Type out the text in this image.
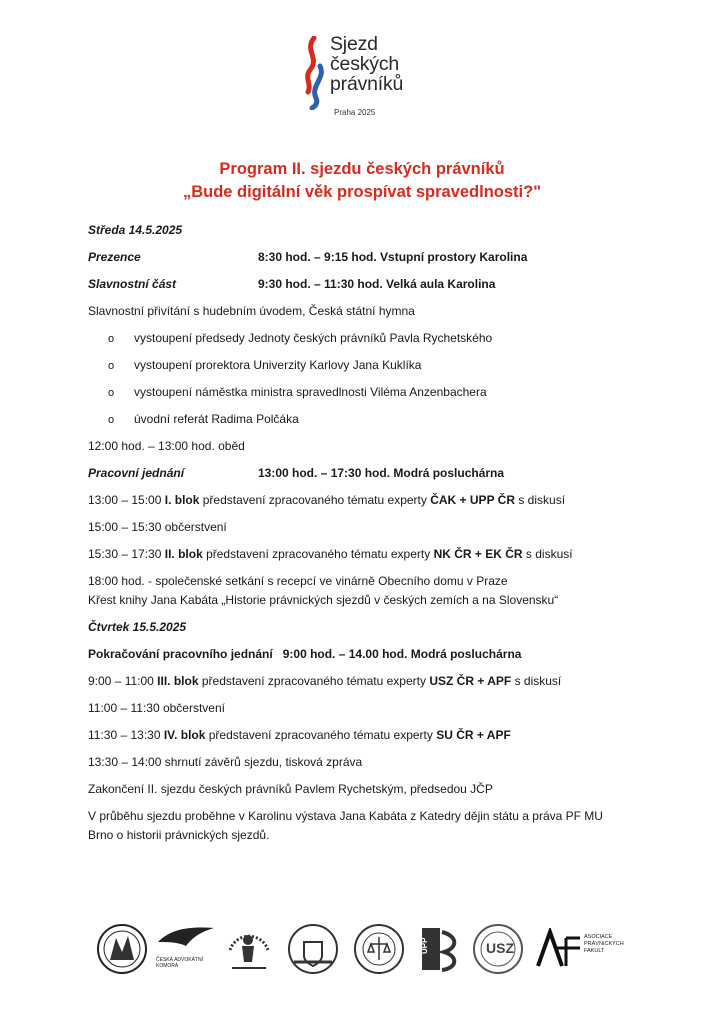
Sjezd
českých
právníků
Praha 2025
Program II. sjezdu českých právníků
„Bude digitální věk prospívat spravedlnosti?"
Středa 14.5.2025
Prezence	8:30 hod. – 9:15 hod. Vstupní prostory Karolina
Slavnostní část	9:30 hod. – 11:30 hod. Velká aula Karolina
Slavnostní přivítání s hudebním úvodem, Česká státní hymna
o vystoupení předsedy Jednoty českých právníků Pavla Rychetského
o vystoupení prorektora Univerzity Karlovy Jana Kuklíka
o vystoupení náměstka ministra spravedlnosti Viléma Anzenbachera
o úvodní referát Radima Polčáka
12:00 hod. – 13:00 hod. oběd
Pracovní jednání	13:00 hod. – 17:30 hod. Modrá posluchárna
13:00 – 15:00 I. blok představení zpracovaného tématu experty ČAK + UPP ČR s diskusí
15:00 – 15:30 občerstvení
15:30 – 17:30 II. blok představení zpracovaného tématu experty NK ČR + EK ČR s diskusí
18:00 hod. - společenské setkání s recepcí ve vinárně Obecního domu v Praze
Křest knihy Jana Kabáta „Historie právnických sjezdů v českých zemích a na Slovensku“
Čtvrtek 15.5.2025
Pokračování pracovního jednání   9:00 hod. – 14.00 hod. Modrá posluchárna
9:00 – 11:00 III. blok představení zpracovaného tématu experty USZ ČR + APF s diskusí
11:00 – 11:30 občerstvení
11:30 – 13:30 IV. blok představení zpracovaného tématu experty SU ČR + APF
13:30 – 14:00 shrnutí závěrů sjezdu, tisková zpráva
Zakončení II. sjezdu českých právníků Pavlem Rychetským, předsedou JČP
V průběhu sjezdu proběhne v Karolinu výstava Jana Kabáta z Katedry dějin státu a práva PF MU
Brno o historii právnických sjezdů.
ČESKÁ ADVOKÁTNÍ
KOMORA
UPP	USZ
ASOCIACE
PRÁVNICKÝCH
FAKULT
